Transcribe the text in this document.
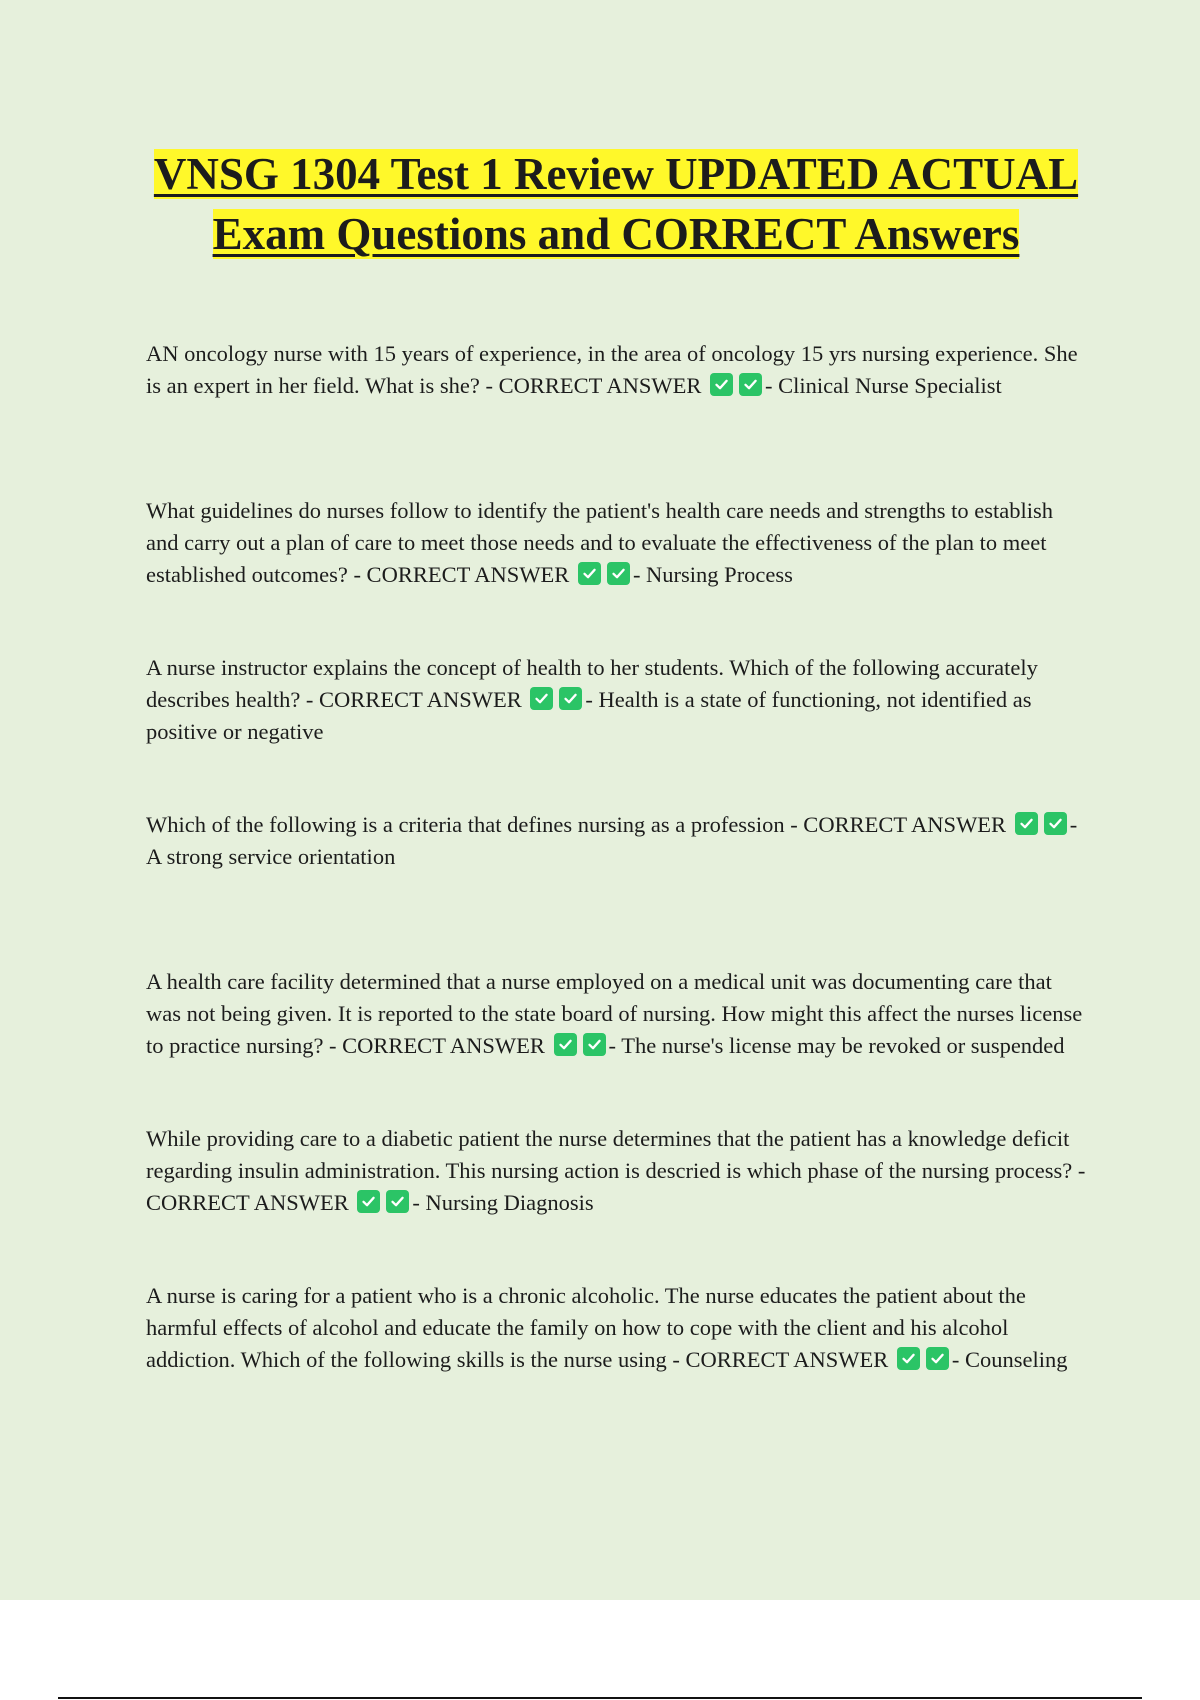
VNSG 1304 Test 1 Review UPDATED ACTUAL Exam Questions and CORRECT Answers

AN oncology nurse with 15 years of experience, in the area of oncology 15 yrs nursing experience. She is an expert in her field. What is she? - CORRECT ANSWER	- Clinical Nurse Specialist

What guidelines do nurses follow to identify the patient's health care needs and strengths to establish and carry out a plan of care to meet those needs and to evaluate the effectiveness of the plan to meet established outcomes? - CORRECT ANSWER	- Nursing Process

A nurse instructor explains the concept of health to her students. Which of the following accurately describes health? - CORRECT ANSWER	- Health is a state of functioning, not identified as positive or negative

Which of the following is a criteria that defines nursing as a profession - CORRECT ANSWER	- A strong service orientation

A health care facility determined that a nurse employed on a medical unit was documenting care that was not being given. It is reported to the state board of nursing. How might this affect the nurses license to practice nursing? - CORRECT ANSWER	- The nurse's license may be revoked or suspended

While providing care to a diabetic patient the nurse determines that the patient has a knowledge deficit regarding insulin administration. This nursing action is descried is which phase of the nursing process? - CORRECT ANSWER	- Nursing Diagnosis

A nurse is caring for a patient who is a chronic alcoholic. The nurse educates the patient about the harmful effects of alcohol and educate the family on how to cope with the client and his alcohol addiction. Which of the following skills is the nurse using - CORRECT ANSWER	- Counseling
